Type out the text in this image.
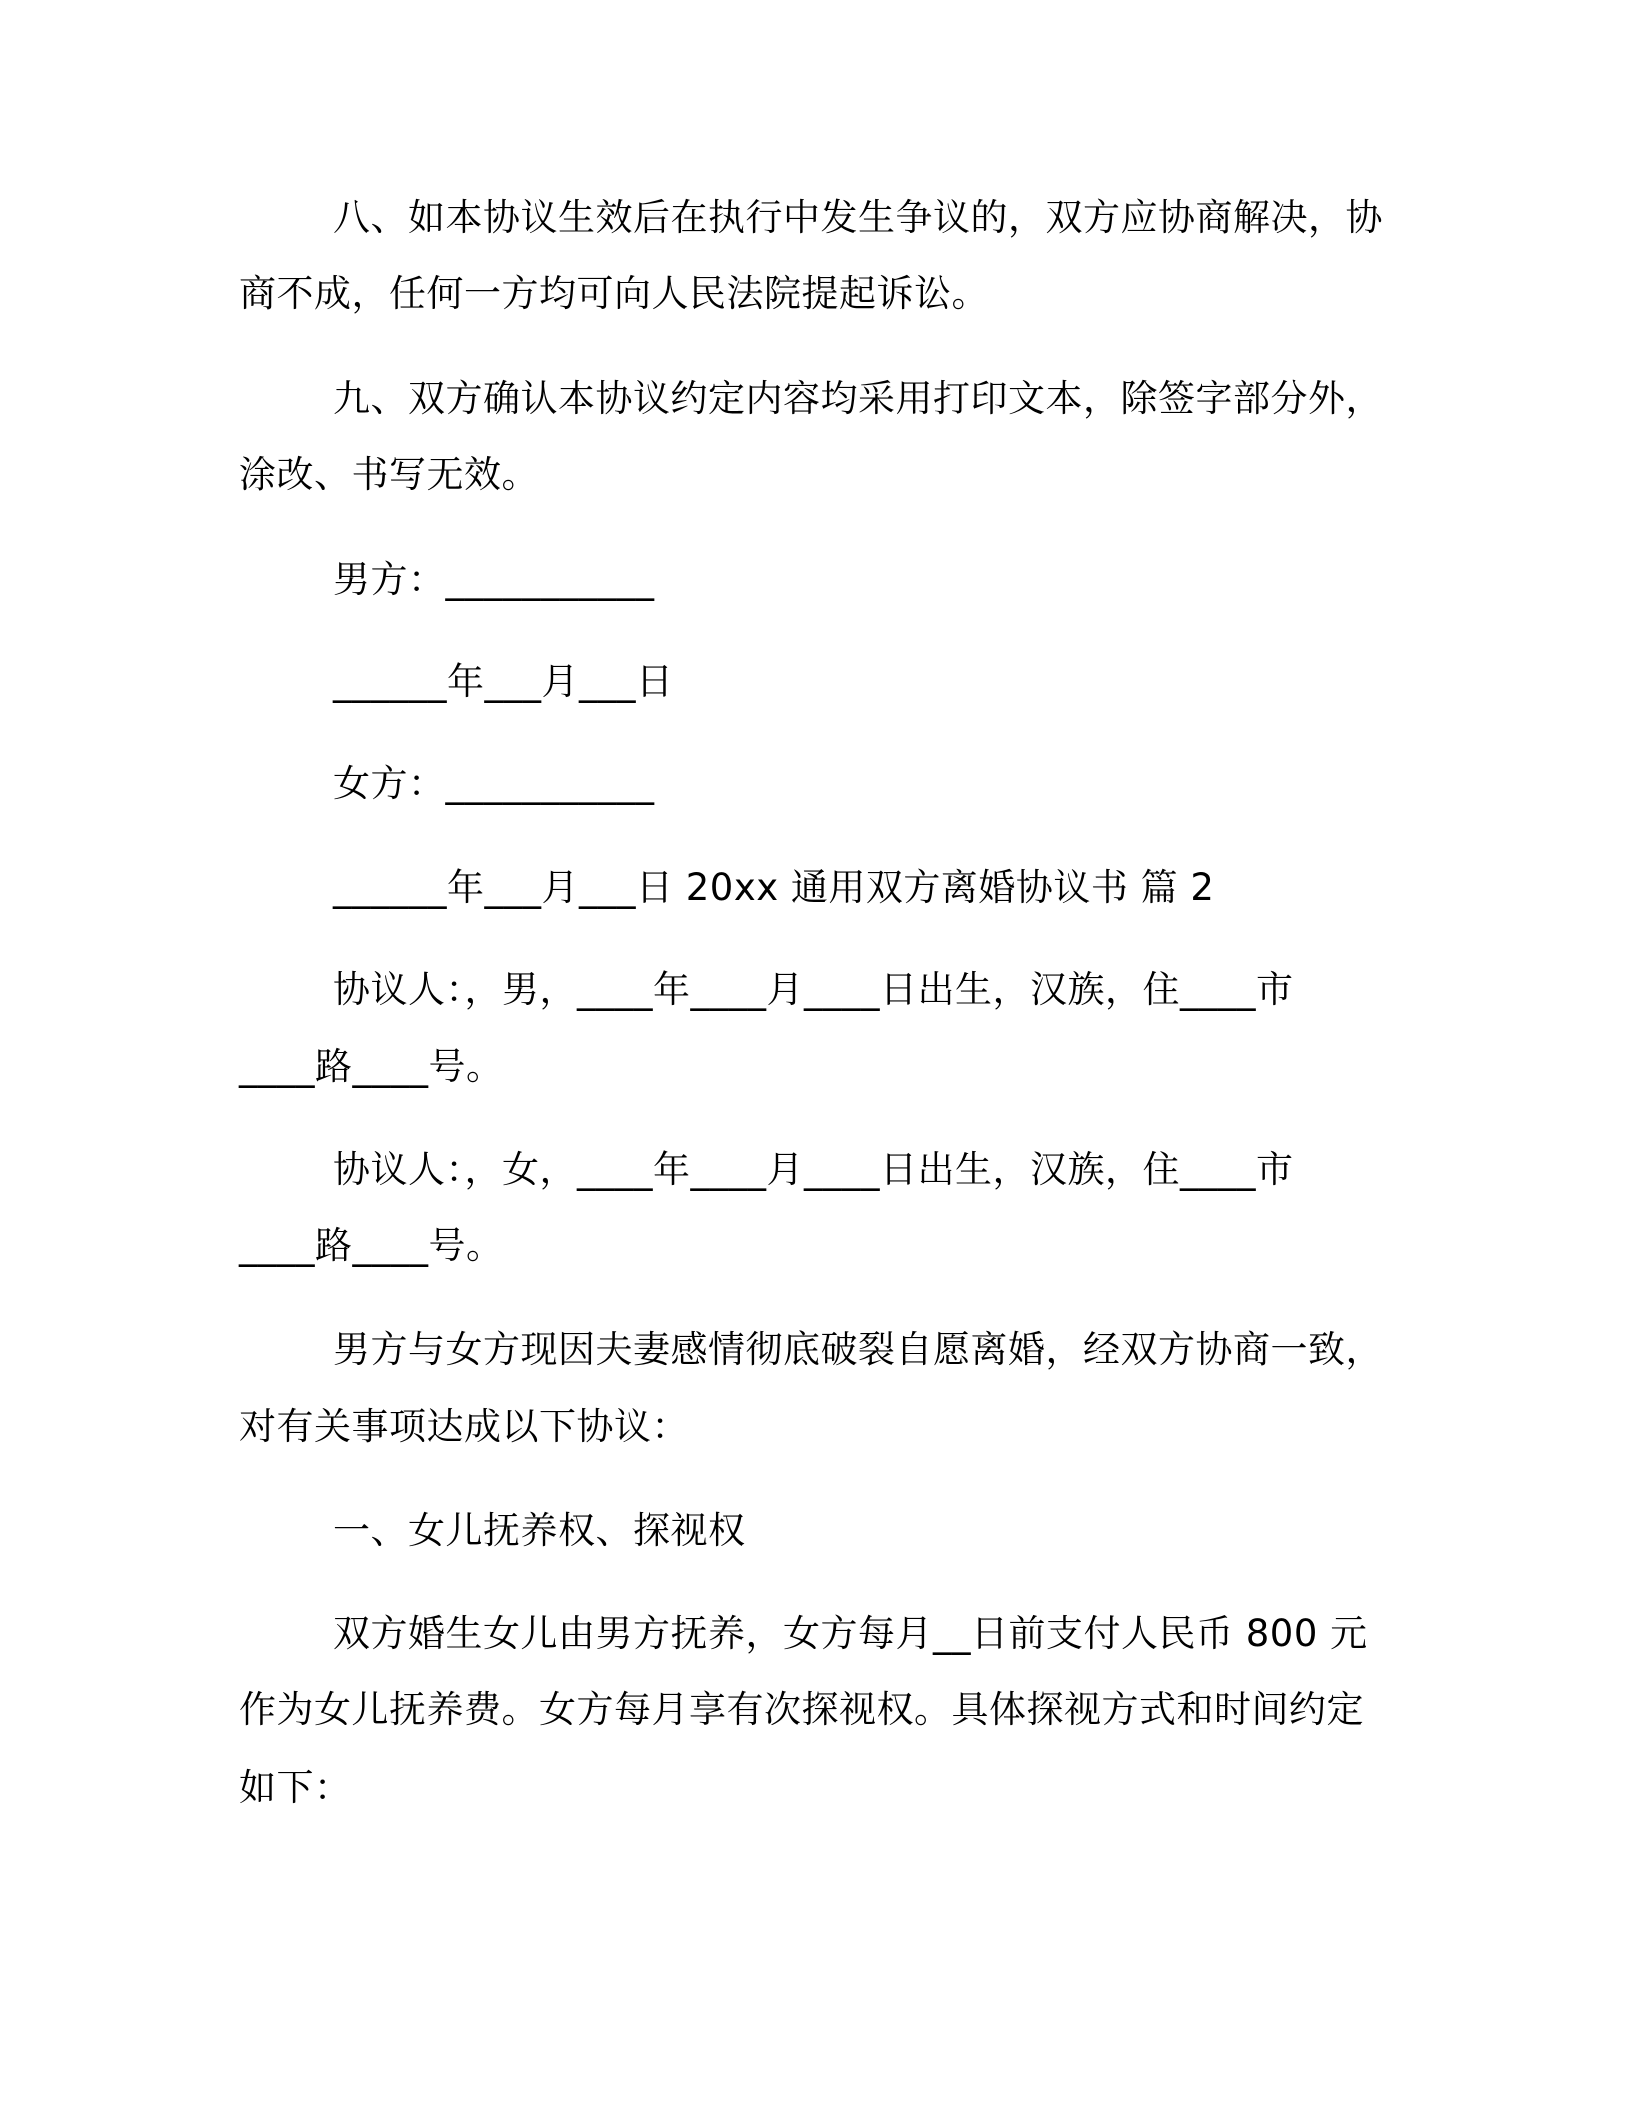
八、如本协议生效后在执行中发生争议的，双方应协商解决，协
商不成，任何一方均可向人民法院提起诉讼。
九、双方确认本协议约定内容均采用打印文本，除签字部分外，
涂改、书写无效。
男方：___________
______年___月___日
女方：___________
______年___月___日 20xx 通用双方离婚协议书 篇 2
协议人：，男，____年____月____日出生，汉族，住____市
____路____号。
协议人：，女，____年____月____日出生，汉族，住____市
____路____号。
男方与女方现因夫妻感情彻底破裂自愿离婚，经双方协商一致，
对有关事项达成以下协议：
一、女儿抚养权、探视权
双方婚生女儿由男方抚养，女方每月__日前支付人民币 800 元
作为女儿抚养费。女方每月享有次探视权。具体探视方式和时间约定
如下：
